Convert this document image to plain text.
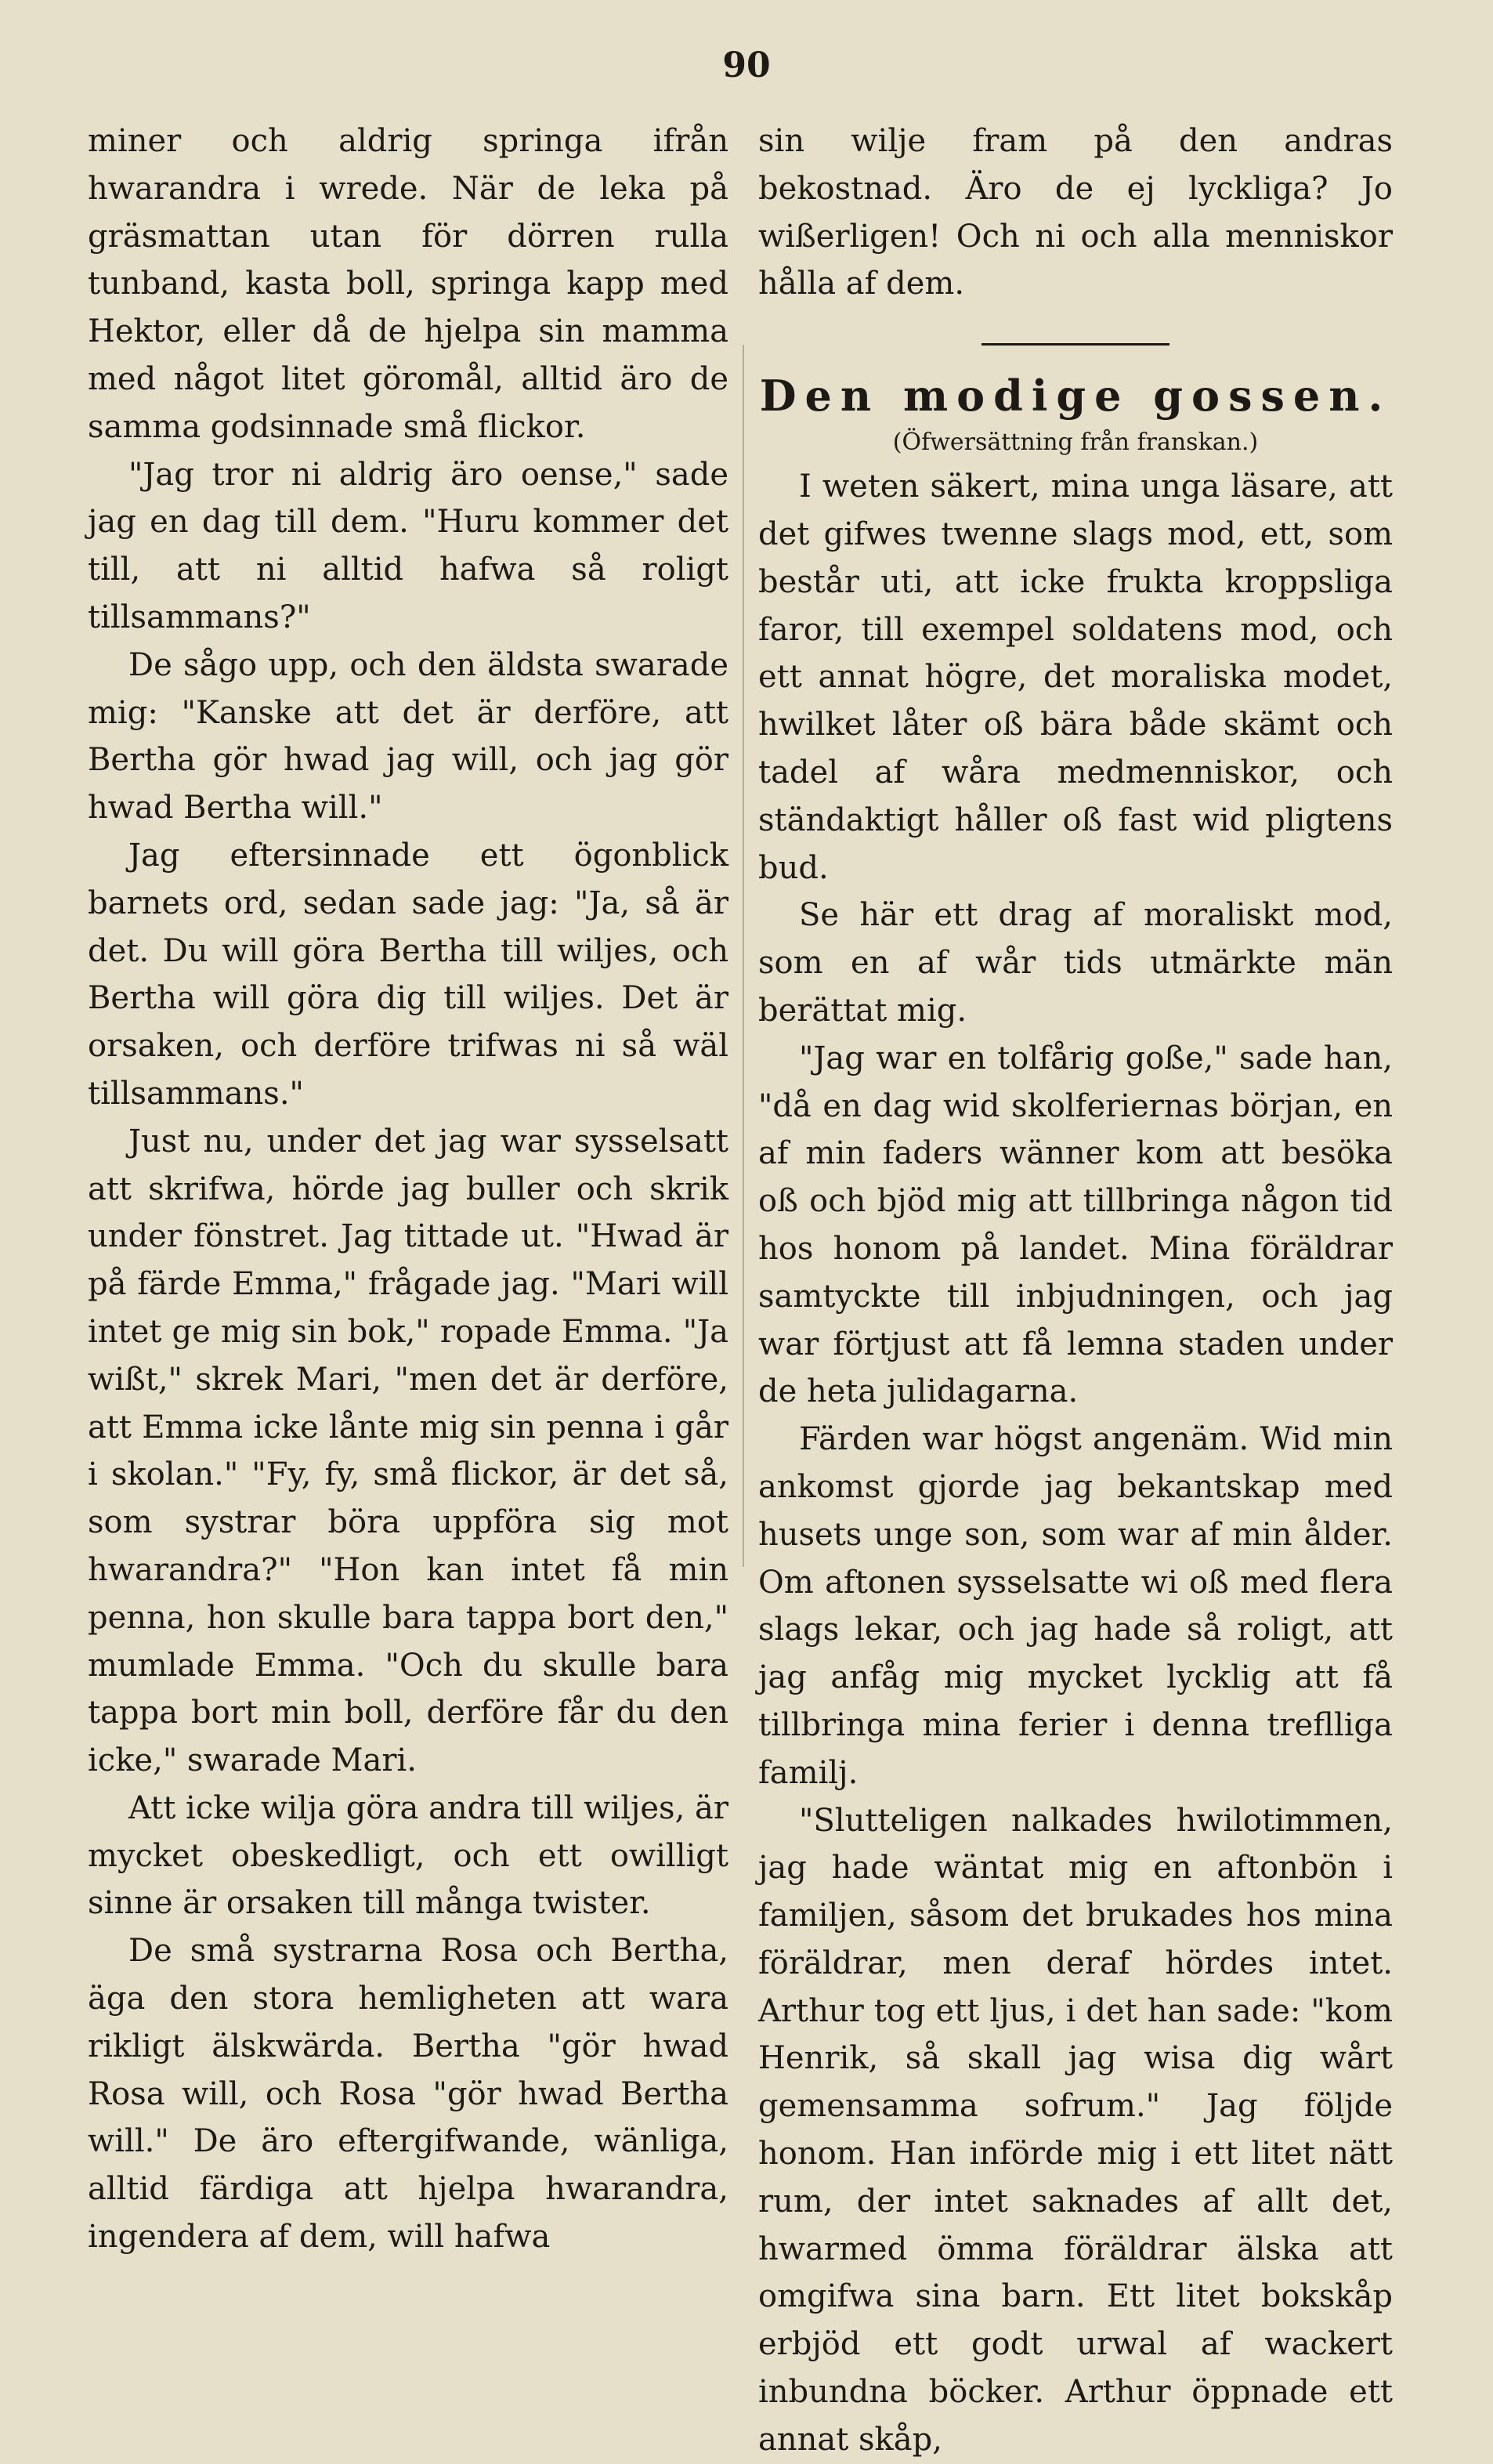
90

miner och aldrig springa ifrån hwarandra i wrede. När de leka på gräsmattan utan för dörren rulla tunband, kasta boll, springa kapp med Hektor, eller då de hjelpa sin mamma med något litet göromål, alltid äro de samma godsinnade små flickor.

"Jag tror ni aldrig äro oense," sade jag en dag till dem. "Huru kommer det till, att ni alltid hafwa så roligt tillsammans?"

De sågo upp, och den äldsta swarade mig: "Kanske att det är derföre, att Bertha gör hwad jag will, och jag gör hwad Bertha will."

Jag eftersinnade ett ögonblick barnets ord, sedan sade jag: "Ja, så är det. Du will göra Bertha till wiljes, och Bertha will göra dig till wiljes. Det är orsaken, och derföre trifwas ni så wäl tillsammans."

Just nu, under det jag war sysselsatt att skrifwa, hörde jag buller och skrik under fönstret. Jag tittade ut. "Hwad är på färde Emma," frågade jag. "Mari will intet ge mig sin bok," ropade Emma. "Ja wißt," skrek Mari, "men det är derföre, att Emma icke lånte mig sin penna i går i skolan." "Fy, fy, små flickor, är det så, som systrar böra uppföra sig mot hwarandra?" "Hon kan intet få min penna, hon skulle bara tappa bort den," mumlade Emma. "Och du skulle bara tappa bort min boll, derföre får du den icke," swarade Mari.

Att icke wilja göra andra till wiljes, är mycket obeskedligt, och ett owilligt sinne är orsaken till många twister.

De små systrarna Rosa och Bertha, äga den stora hemligheten att wara rikligt älskwärda. Bertha "gör hwad Rosa will, och Rosa "gör hwad Bertha will." De äro eftergifwande, wänliga, alltid färdiga att hjelpa hwarandra, ingendera af dem, will hafwa

sin wilje fram på den andras bekostnad. Äro de ej lyckliga? Jo wißerligen! Och ni och alla menniskor hålla af dem.

Den modige gossen.

(Öfwersättning från franskan.)

I weten säkert, mina unga läsare, att det gifwes twenne slags mod, ett, som består uti, att icke frukta kroppsliga faror, till exempel soldatens mod, och ett annat högre, det moraliska modet, hwilket låter oß bära både skämt och tadel af wåra medmenniskor, och ständaktigt håller oß fast wid pligtens bud.

Se här ett drag af moraliskt mod, som en af wår tids utmärkte män berättat mig.

"Jag war en tolfårig goße," sade han, "då en dag wid skolferiernas början, en af min faders wänner kom att besöka oß och bjöd mig att tillbringa någon tid hos honom på landet. Mina föräldrar samtyckte till inbjudningen, och jag war förtjust att få lemna staden under de heta julidagarna.

Färden war högst angenäm. Wid min ankomst gjorde jag bekantskap med husets unge son, som war af min ålder. Om aftonen sysselsatte wi oß med flera slags lekar, och jag hade så roligt, att jag anfåg mig mycket lycklig att få tillbringa mina ferier i denna treflliga familj.

"Slutteligen nalkades hwilotimmen, jag hade wäntat mig en aftonbön i familjen, såsom det brukades hos mina föräldrar, men deraf hördes intet. Arthur tog ett ljus, i det han sade: "kom Henrik, så skall jag wisa dig wårt gemensamma sofrum." Jag följde honom. Han införde mig i ett litet nätt rum, der intet saknades af allt det, hwarmed ömma föräldrar älska att omgifwa sina barn. Ett litet bokskåp erbjöd ett godt urwal af wackert inbundna böcker. Arthur öppnade ett annat skåp,
